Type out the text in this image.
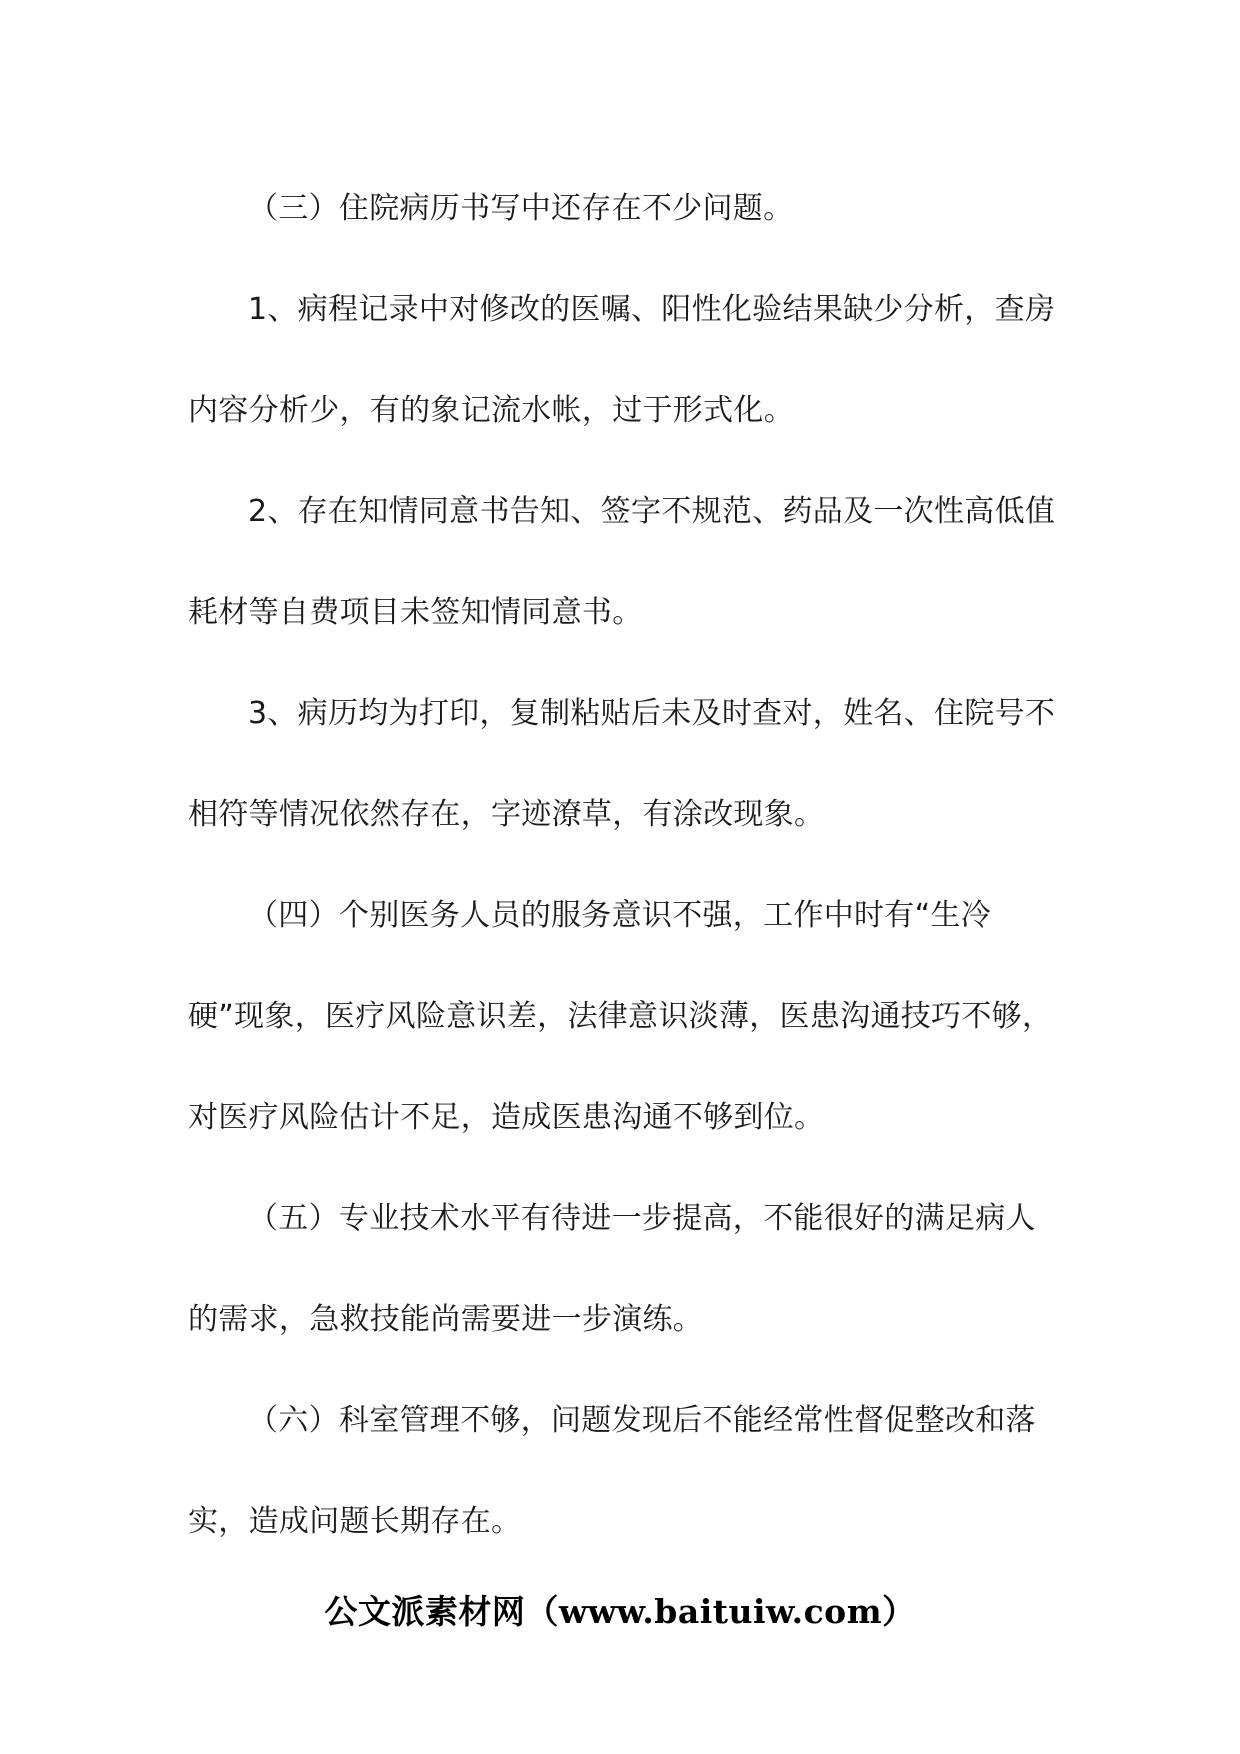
（三）住院病历书写中还存在不少问题。

1、病程记录中对修改的医嘱、阳性化验结果缺少分析，查房内容分析少，有的象记流水帐，过于形式化。

2、存在知情同意书告知、签字不规范、药品及一次性高低值耗材等自费项目未签知情同意书。

3、病历均为打印，复制粘贴后未及时查对，姓名、住院号不相符等情况依然存在，字迹潦草，有涂改现象。

（四）个别医务人员的服务意识不强，工作中时有“生冷硬”现象，医疗风险意识差，法律意识淡薄，医患沟通技巧不够，对医疗风险估计不足，造成医患沟通不够到位。

（五）专业技术水平有待进一步提高，不能很好的满足病人的需求，急救技能尚需要进一步演练。

（六）科室管理不够，问题发现后不能经常性督促整改和落实，造成问题长期存在。

公文派素材网（www.baituiw.com）
